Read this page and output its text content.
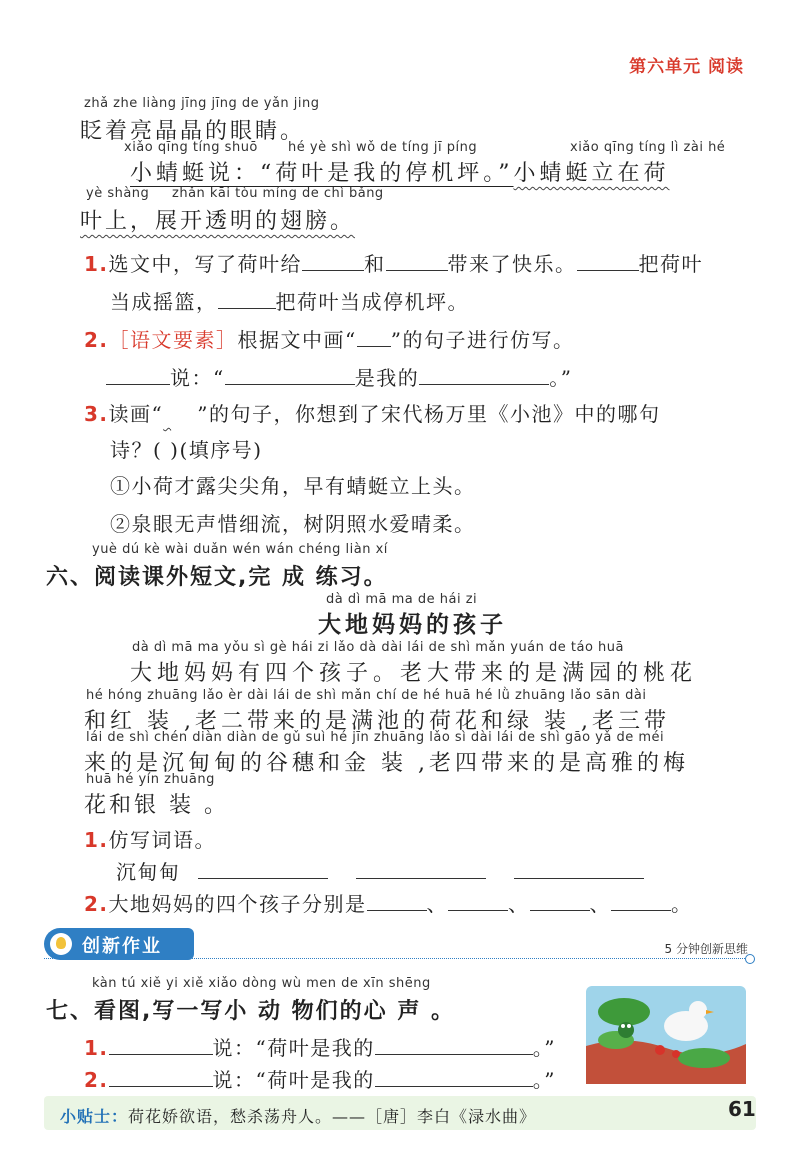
第六单元 阅读
zhǎ zhe liàng jīng jīng de yǎn jing
眨着亮晶晶的眼睛。
xiǎo qīng tíng shuō hé yè shì wǒ de tíng jī píng	xiǎo qīng tíng lì zài hé
小蜻蜓说：“荷叶是我的停机坪。”小蜻蜓立在荷
yè shàng zhǎn kāi tòu míng de chì bǎng
叶上，展开透明的翅膀。
1.选文中，写了荷叶给	和	带来了快乐。	把荷叶
当成摇篮，	把荷叶当成停机坪。
2.［语文要素］根据文中画“ ”的句子进行仿写。
说：“	是我的	。”
3.读画“ ”的句子，你想到了宋代杨万里《小池》中的哪句
诗？( )(填序号)
①小荷才露尖尖角，早有蜻蜓立上头。
②泉眼无声惜细流，树阴照水爱晴柔。
yuè dú kè wài duǎn wén wán chéng liàn xí
六、阅读课外短文,完 成 练习。
dà dì mā ma de hái zi
大地妈妈的孩子
dà dì mā ma yǒu sì gè hái zi lǎo dà dài lái de shì mǎn yuán de táo huā
大地妈妈有四个孩子。老大带来的是满园的桃花
hé hóng zhuāng lǎo èr dài lái de shì mǎn chí de hé huā hé lǜ zhuāng lǎo sān dài
和红 装 ,老二带来的是满池的荷花和绿 装 ,老三带
lái de shì chén diàn diàn de gǔ suì hé jīn zhuāng lǎo sì dài lái de shì gāo yǎ de méi
来的是沉甸甸的谷穗和金 装 ,老四带来的是高雅的梅
huā hé yín zhuāng
花和银 装 。
1.仿写词语。
沉甸甸
2.大地妈妈的四个孩子分别是	、	、	、	。
创新作业	5 分钟创新思维
kàn tú xiě yi xiě xiǎo dòng wù men de xīn shēng
七、看图,写一写小 动 物们的心 声 。
1.	说：“荷叶是我的	。”
2.	说：“荷叶是我的	。”
小贴士：荷花娇欲语，愁杀荡舟人。——［唐］李白《渌水曲》	61
